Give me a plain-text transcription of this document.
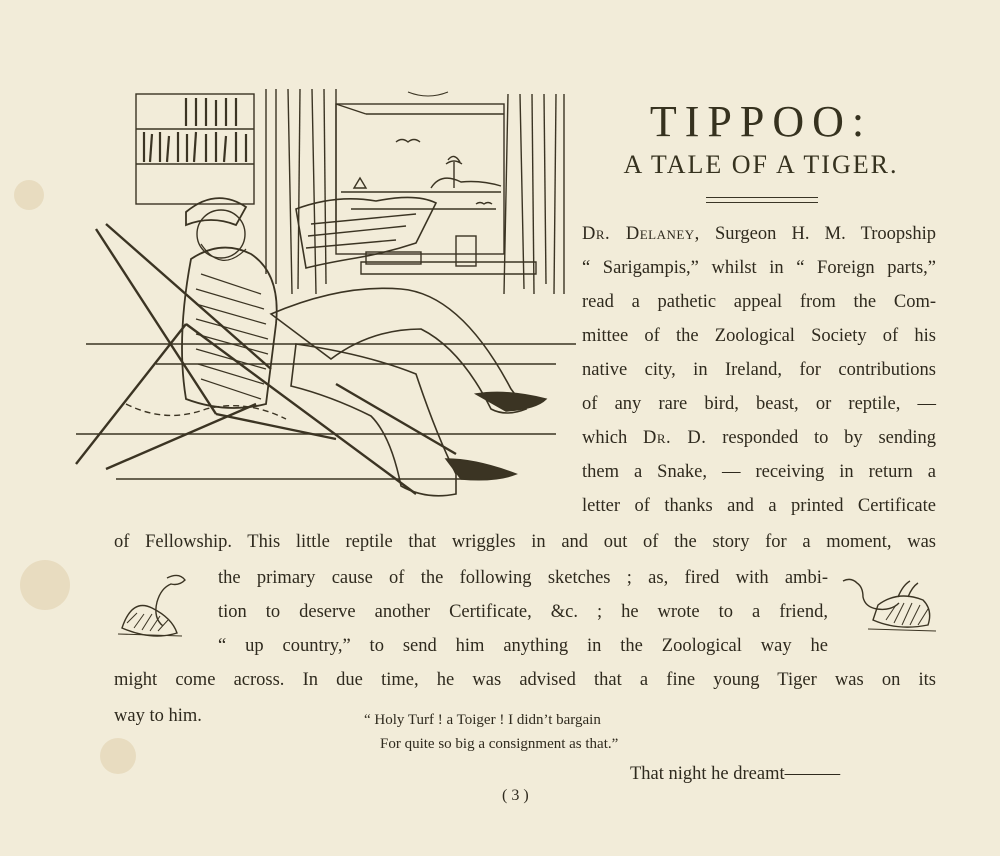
TIPPOO:
A TALE OF A TIGER.
Dr. Delaney, Surgeon H. M. Troopship
“ Sarigampis,” whilst in “ Foreign parts,”
read a pathetic appeal from the Com-
mittee of the Zoological Society of his
native city, in Ireland, for contributions
of any rare bird, beast, or reptile, —
which Dr. D. responded to by sending
them a Snake, — receiving in return a
letter of thanks and a printed Certificate
of Fellowship. This little reptile that wriggles in and out of the story for a moment, was
the primary cause of the following sketches ; as, fired with ambi-
tion to deserve another Certificate, &c. ; he wrote to a friend,
“ up country,” to send him anything in the Zoological way he
might come across. In due time, he was advised that a fine young Tiger was on its
way to him.	“ Holy Turf ! a Toiger ! I didn’t bargain
For quite so big a consignment as that.”
That night he dreamt———
( 3 )
